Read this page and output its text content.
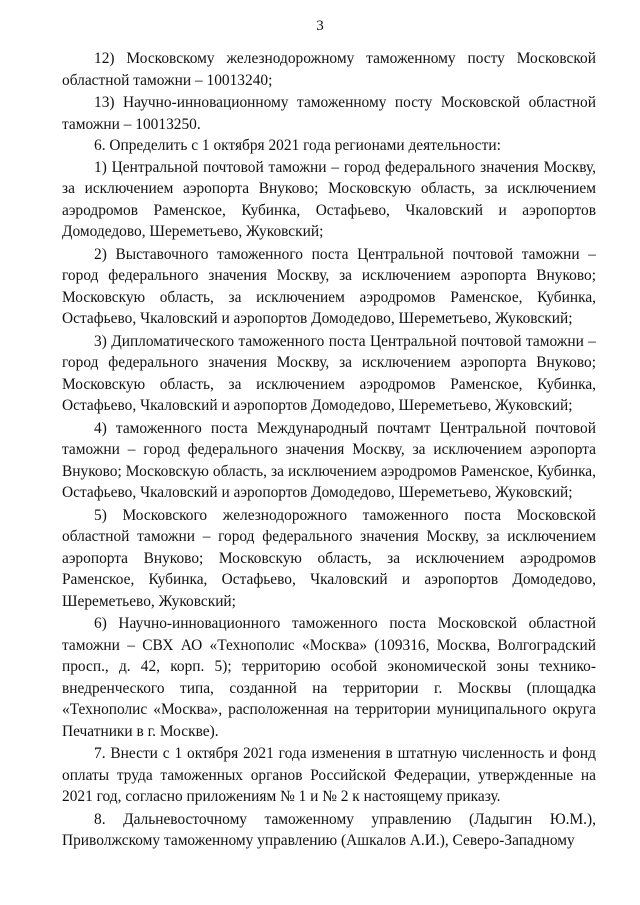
3

12) Московскому железнодорожному таможенному посту Московской областной таможни – 10013240;

13) Научно-инновационному таможенному посту Московской областной таможни – 10013250.

6. Определить с 1 октября 2021 года регионами деятельности:

1) Центральной почтовой таможни – город федерального значения Москву, за исключением аэропорта Внуково; Московскую область, за исключением аэродромов Раменское, Кубинка, Остафьево, Чкаловский и аэропортов Домодедово, Шереметьево, Жуковский;

2) Выставочного таможенного поста Центральной почтовой таможни – город федерального значения Москву, за исключением аэропорта Внуково; Московскую область, за исключением аэродромов Раменское, Кубинка, Остафьево, Чкаловский и аэропортов Домодедово, Шереметьево, Жуковский;

3) Дипломатического таможенного поста Центральной почтовой таможни – город федерального значения Москву, за исключением аэропорта Внуково; Московскую область, за исключением аэродромов Раменское, Кубинка, Остафьево, Чкаловский и аэропортов Домодедово, Шереметьево, Жуковский;

4) таможенного поста Международный почтамт Центральной почтовой таможни – город федерального значения Москву, за исключением аэропорта Внуково; Московскую область, за исключением аэродромов Раменское, Кубинка, Остафьево, Чкаловский и аэропортов Домодедово, Шереметьево, Жуковский;

5) Московского железнодорожного таможенного поста Московской областной таможни – город федерального значения Москву, за исключением аэропорта Внуково; Московскую область, за исключением аэродромов Раменское, Кубинка, Остафьево, Чкаловский и аэропортов Домодедово, Шереметьево, Жуковский;

6) Научно-инновационного таможенного поста Московской областной таможни – СВХ АО «Технополис «Москва» (109316, Москва, Волгоградский просп., д. 42, корп. 5); территорию особой экономической зоны технико-внедренческого типа, созданной на территории г. Москвы (площадка «Технополис «Москва», расположенная на территории муниципального округа Печатники в г. Москве).

7. Внести с 1 октября 2021 года изменения в штатную численность и фонд оплаты труда таможенных органов Российской Федерации, утвержденные на 2021 год, согласно приложениям № 1 и № 2 к настоящему приказу.

8. Дальневосточному таможенному управлению (Ладыгин Ю.М.), Приволжскому таможенному управлению (Ашкалов А.И.), Северо-Западному
